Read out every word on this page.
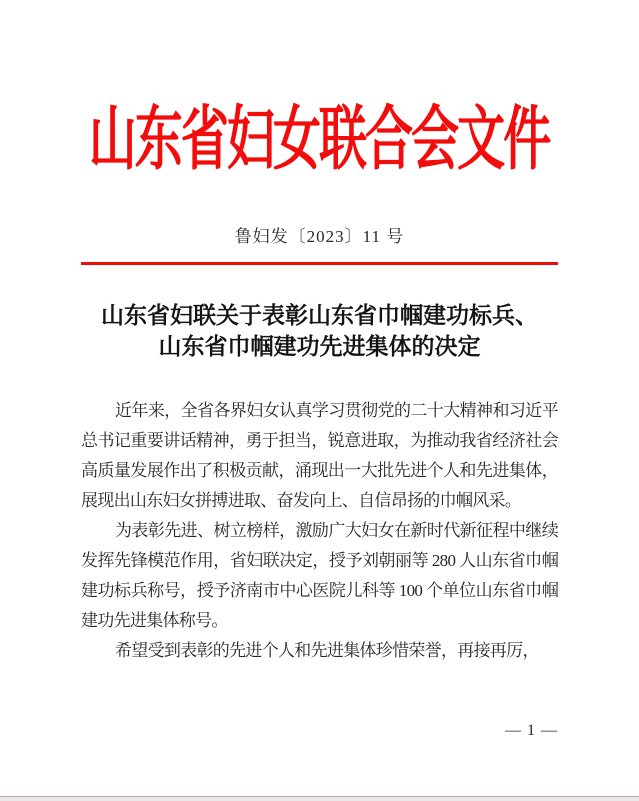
山东省妇女联合会文件
鲁妇发〔2023〕11 号
山东省妇联关于表彰山东省巾帼建功标兵、
山东省巾帼建功先进集体的决定

近年来，全省各界妇女认真学习贯彻党的二十大精神和习近平总书记重要讲话精神，勇于担当，锐意进取，为推动我省经济社会高质量发展作出了积极贡献，涌现出一大批先进个人和先进集体，展现出山东妇女拼搏进取、奋发向上、自信昂扬的巾帼风采。

为表彰先进、树立榜样，激励广大妇女在新时代新征程中继续发挥先锋模范作用，省妇联决定，授予刘朝丽等 280 人山东省巾帼建功标兵称号，授予济南市中心医院儿科等 100 个单位山东省巾帼建功先进集体称号。

希望受到表彰的先进个人和先进集体珍惜荣誉，再接再厉，

— 1 —
